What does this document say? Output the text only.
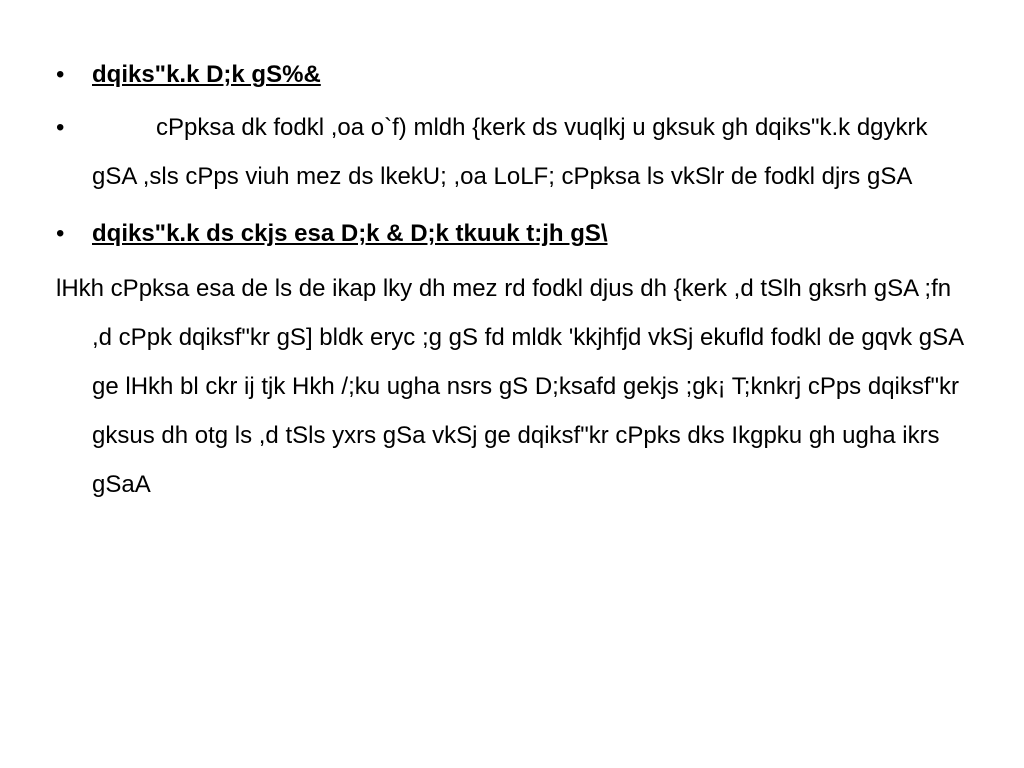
•	dqiks"k.k D;k gS%&
•	cPpksa dk fodkl ,oa o`f) mldh {kerk ds vuqlkj u gksuk gh dqiks"k.k dgykrk gSA ,sls cPps viuh mez ds lkekU; ,oa LoLF; cPpksa ls vkSlr de fodkl djrs gSA
•	dqiks"k.k ds ckjs esa D;k & D;k tkuuk t:jh gS\
lHkh cPpksa esa de ls de ikap lky dh mez rd fodkl djus dh {kerk ,d tSlh gksrh gSA ;fn ,d cPpk dqiksf"kr gS] bldk eryc ;g gS fd mldk 'kkjhfjd vkSj ekufld fodkl de gqvk gSA ge lHkh bl ckr ij tjk Hkh /;ku ugha nsrs gS D;ksafd gekjs ;gk¡ T;knkrj cPps dqiksf"kr gksus dh otg ls ,d tSls yxrs gSa vkSj ge dqiksf"kr cPpks dks Ikgpku gh ugha ikrs gSaA
